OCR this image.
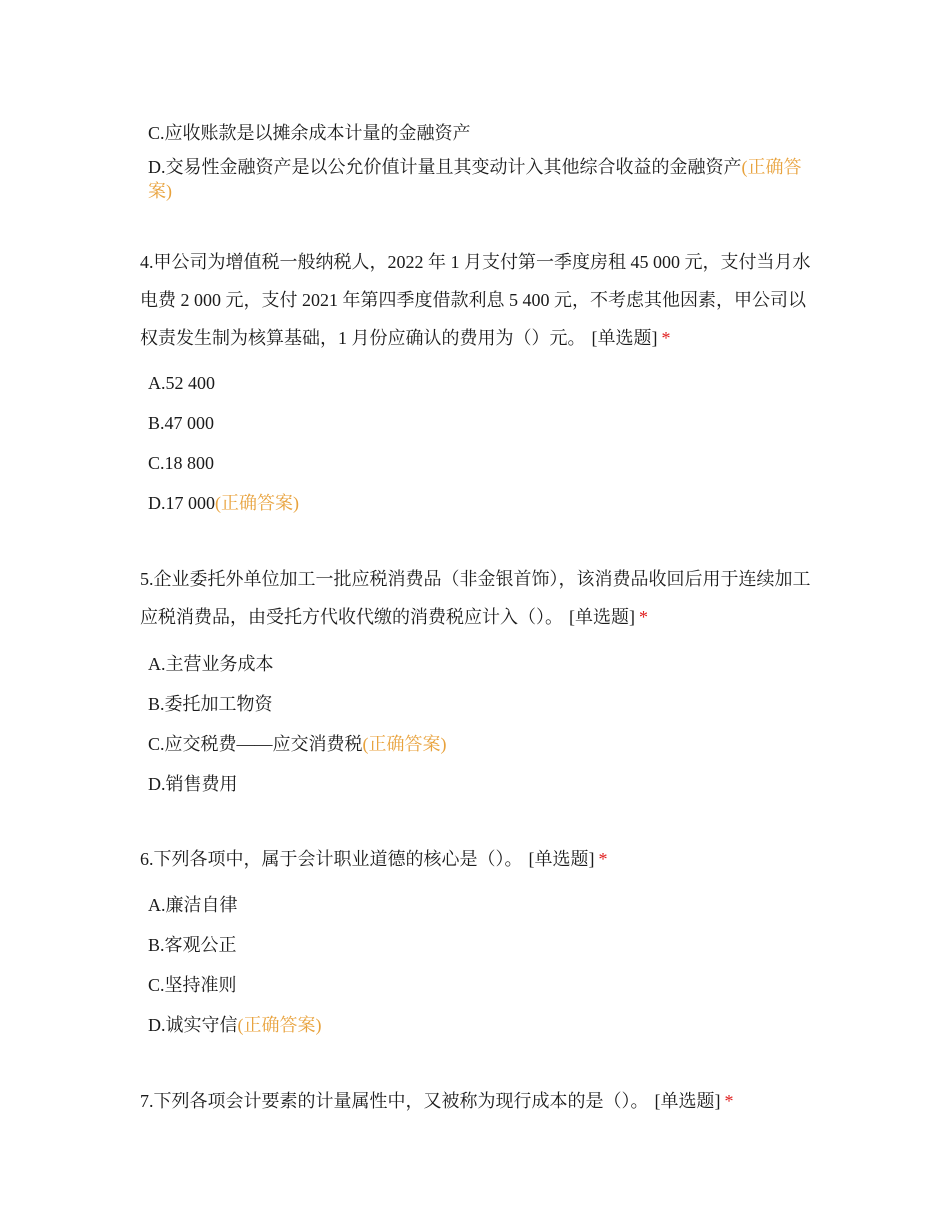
C.应收账款是以摊余成本计量的金融资产
D.交易性金融资产是以公允价值计量且其变动计入其他综合收益的金融资产(正确答案)
4.甲公司为增值税一般纳税人，2022 年 1 月支付第一季度房租 45 000 元，支付当月水电费 2 000 元，支付 2021 年第四季度借款利息 5 400 元，不考虑其他因素，甲公司以权责发生制为核算基础，1 月份应确认的费用为（）元。 [单选题] *
A.52 400
B.47 000
C.18 800
D.17 000(正确答案)
5.企业委托外单位加工一批应税消费品（非金银首饰），该消费品收回后用于连续加工应税消费品，由受托方代收代缴的消费税应计入（）。 [单选题] *
A.主营业务成本
B.委托加工物资
C.应交税费——应交消费税(正确答案)
D.销售费用
6.下列各项中，属于会计职业道德的核心是（）。 [单选题] *
A.廉洁自律
B.客观公正
C.坚持准则
D.诚实守信(正确答案)
7.下列各项会计要素的计量属性中，又被称为现行成本的是（）。 [单选题] *
